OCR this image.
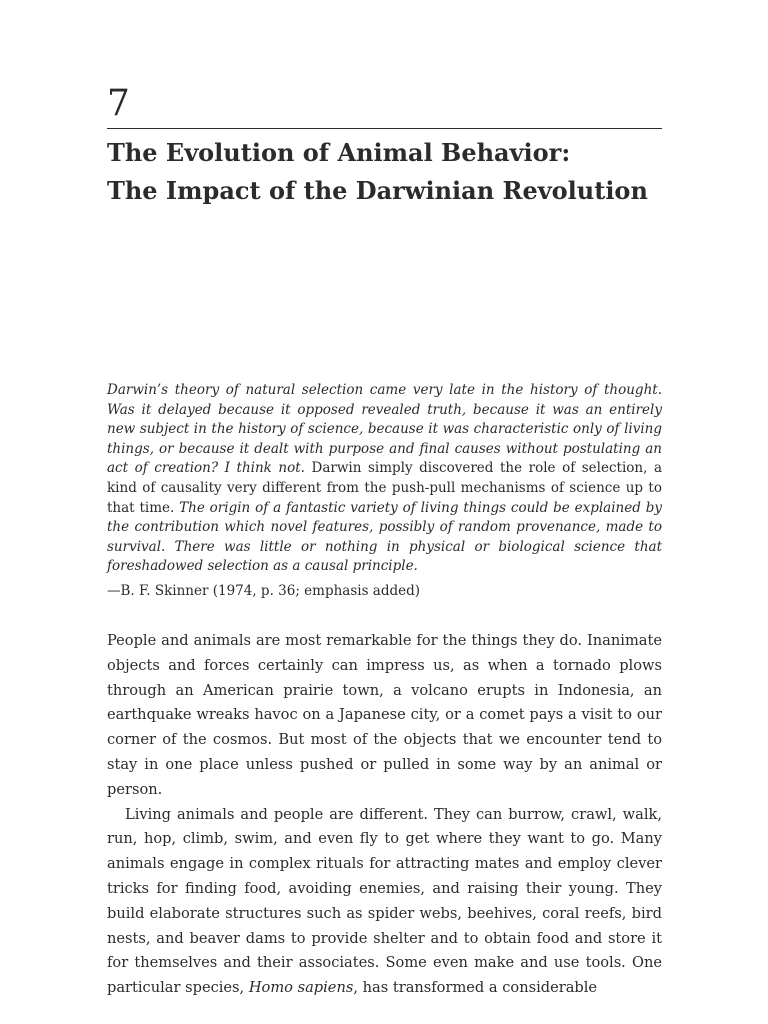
7
The Evolution of Animal Behavior:
The Impact of the Darwinian Revolution

Darwin’s theory of natural selection came very late in the history of thought. Was it delayed because it opposed revealed truth, because it was an entirely new subject in the history of science, because it was characteristic only of living things, or because it dealt with purpose and final causes without postulating an act of creation? I think not. Darwin simply discovered the role of selection, a kind of causality very different from the push-pull mechanisms of science up to that time. The origin of a fantastic variety of living things could be explained by the contribution which novel features, possibly of random provenance, made to survival. There was little or nothing in physical or biological science that foreshadowed selection as a causal principle.

—B. F. Skinner (1974, p. 36; emphasis added)

People and animals are most remarkable for the things they do. Inanimate objects and forces certainly can impress us, as when a tornado plows through an American prairie town, a volcano erupts in Indonesia, an earthquake wreaks havoc on a Japanese city, or a comet pays a visit to our corner of the cosmos. But most of the objects that we encounter tend to stay in one place unless pushed or pulled in some way by an animal or person.

Living animals and people are different. They can burrow, crawl, walk, run, hop, climb, swim, and even fly to get where they want to go. Many animals engage in complex rituals for attracting mates and employ clever tricks for finding food, avoiding enemies, and raising their young. They build elaborate structures such as spider webs, beehives, coral reefs, bird nests, and beaver dams to provide shelter and to obtain food and store it for themselves and their associates. Some even make and use tools. One particular species, Homo sapiens, has transformed a considerable
